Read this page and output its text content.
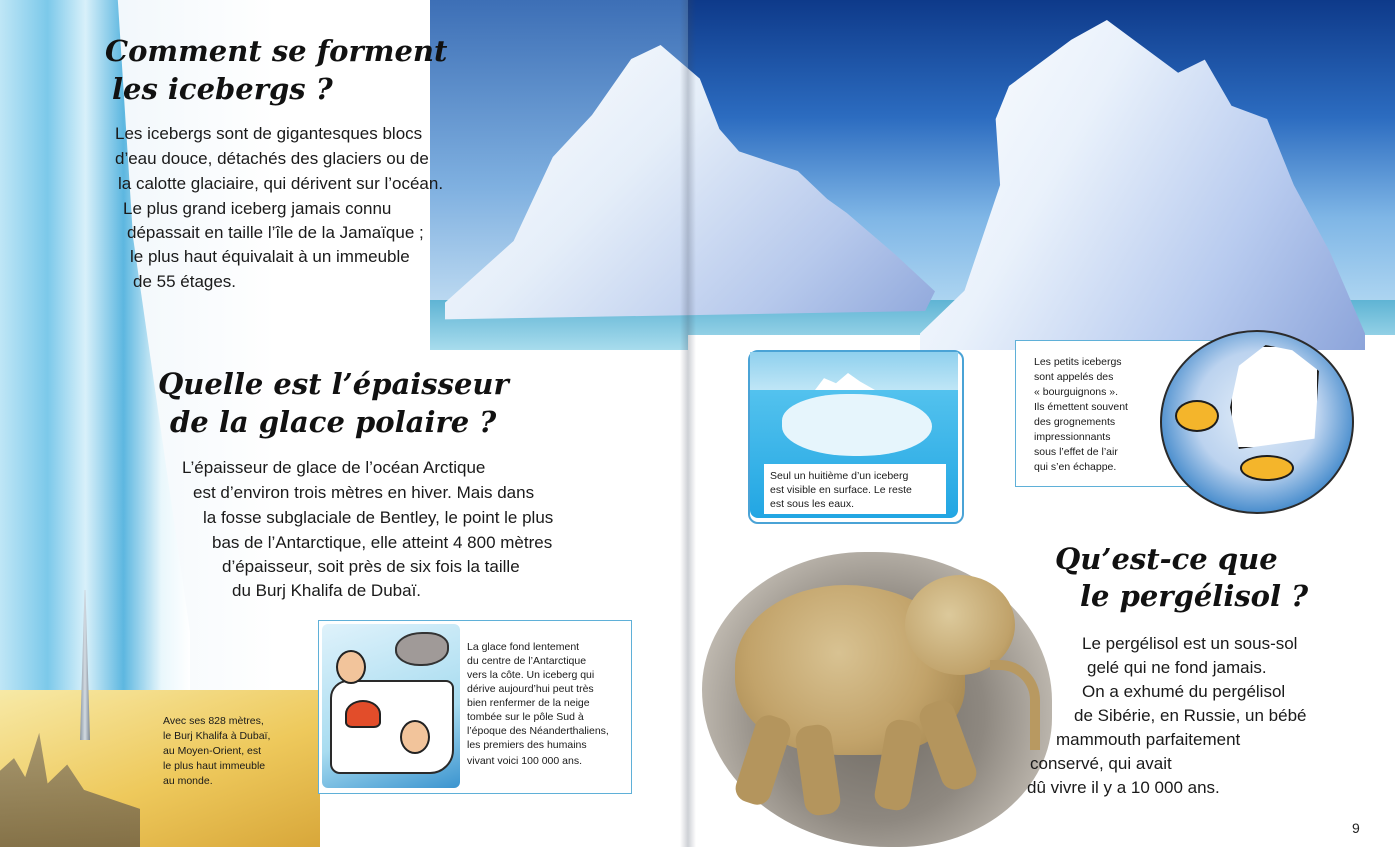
Comment se forment
les icebergs ?

Les icebergs sont de gigantesques blocs

d’eau douce, détachés des glaciers ou de

la calotte glaciaire, qui dérivent sur l’océan.

Le plus grand iceberg jamais connu

dépassait en taille l’île de la Jamaïque ;

le plus haut équivalait à un immeuble

de 55 étages.

Quelle est l’épaisseur
de la glace polaire ?

L’épaisseur de glace de l’océan Arctique

est d’environ trois mètres en hiver. Mais dans

la fosse subglaciale de Bentley, le point le plus

bas de l’Antarctique, elle atteint 4 800 mètres

d’épaisseur, soit près de six fois la taille

du Burj Khalifa de Dubaï.

Avec ses 828 mètres,

le Burj Khalifa à Dubaï,

au Moyen-Orient, est

le plus haut immeuble

au monde.

La glace fond lentement

du centre de l’Antarctique

vers la côte. Un iceberg qui

dérive aujourd’hui peut très

bien renfermer de la neige

tombée sur le pôle Sud à

l’époque des Néanderthaliens,

les premiers des humains

vivant voici 100 000 ans.

Seul un huitième d’un iceberg

est visible en surface. Le reste

est sous les eaux.

Les petits icebergs

sont appelés des

« bourguignons ».

Ils émettent souvent

des grognements

impressionnants

sous l’effet de l’air

qui s’en échappe.

Qu’est-ce que
le pergélisol ?

Le pergélisol est un sous-sol

gelé qui ne fond jamais.

On a exhumé du pergélisol

de Sibérie, en Russie, un bébé

mammouth parfaitement

conservé, qui avait

dû vivre il y a 10 000 ans.

9
